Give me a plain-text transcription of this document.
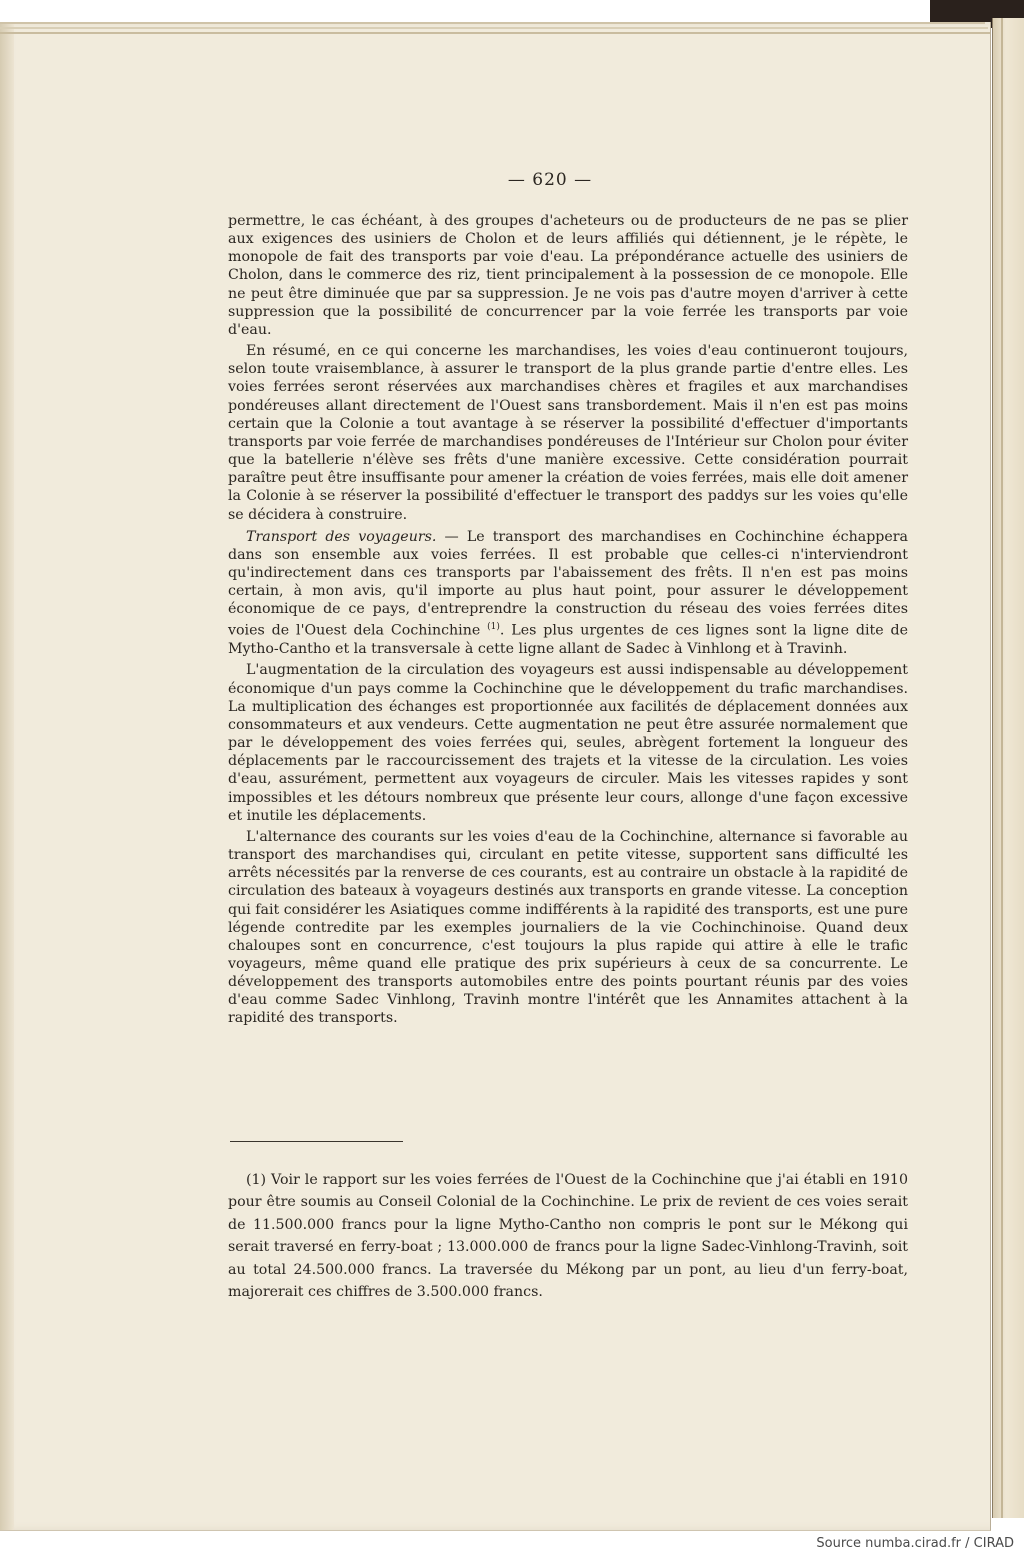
— 620 —

permettre, le cas échéant, à des groupes d'acheteurs ou de producteurs de ne pas se plier aux exigences des usiniers de Cholon et de leurs affiliés qui détiennent, je le répète, le monopole de fait des transports par voie d'eau. La prépondérance actuelle des usiniers de Cholon, dans le commerce des riz, tient principalement à la possession de ce monopole. Elle ne peut être diminuée que par sa suppression. Je ne vois pas d'autre moyen d'arriver à cette suppression que la possibilité de concurrencer par la voie ferrée les transports par voie d'eau.

En résumé, en ce qui concerne les marchandises, les voies d'eau continueront toujours, selon toute vraisemblance, à assurer le transport de la plus grande partie d'entre elles. Les voies ferrées seront réservées aux marchandises chères et fragiles et aux marchandises pondéreuses allant directement de l'Ouest sans transbordement. Mais il n'en est pas moins certain que la Colonie a tout avantage à se réserver la possibilité d'effectuer d'importants transports par voie ferrée de marchandises pondéreuses de l'Intérieur sur Cholon pour éviter que la batellerie n'élève ses frêts d'une manière excessive. Cette considération pourrait paraître peut être insuffisante pour amener la création de voies ferrées, mais elle doit amener la Colonie à se réserver la possibilité d'effectuer le transport des paddys sur les voies qu'elle se décidera à construire.

Transport des voyageurs. — Le transport des marchandises en Cochinchine échappera dans son ensemble aux voies ferrées. Il est probable que celles-ci n'interviendront qu'indirectement dans ces transports par l'abaissement des frêts. Il n'en est pas moins certain, à mon avis, qu'il importe au plus haut point, pour assurer le développement économique de ce pays, d'entreprendre la construction du réseau des voies ferrées dites voies de l'Ouest dela Cochinchine $^{(1)}$. Les plus urgentes de ces lignes sont la ligne dite de Mytho-Cantho et la transversale à cette ligne allant de Sadec à Vinhlong et à Travinh.

L'augmentation de la circulation des voyageurs est aussi indispensable au développement économique d'un pays comme la Cochinchine que le développement du trafic marchandises. La multiplication des échanges est proportionnée aux facilités de déplacement données aux consommateurs et aux vendeurs. Cette augmentation ne peut être assurée normalement que par le développement des voies ferrées qui, seules, abrègent fortement la longueur des déplacements par le raccourcissement des trajets et la vitesse de la circulation. Les voies d'eau, assurément, permettent aux voyageurs de circuler. Mais les vitesses rapides y sont impossibles et les détours nombreux que présente leur cours, allonge d'une façon excessive et inutile les déplacements.

L'alternance des courants sur les voies d'eau de la Cochinchine, alternance si favorable au transport des marchandises qui, circulant en petite vitesse, supportent sans difficulté les arrêts nécessités par la renverse de ces courants, est au contraire un obstacle à la rapidité de circulation des bateaux à voyageurs destinés aux transports en grande vitesse. La conception qui fait considérer les Asiatiques comme indifférents à la rapidité des transports, est une pure légende contredite par les exemples journaliers de la vie Cochinchinoise. Quand deux chaloupes sont en concurrence, c'est toujours la plus rapide qui attire à elle le trafic voyageurs, même quand elle pratique des prix supérieurs à ceux de sa concurrente. Le développement des transports automobiles entre des points pourtant réunis par des voies d'eau comme Sadec Vinhlong, Travinh montre l'intérêt que les Annamites attachent à la rapidité des transports.

(1) Voir le rapport sur les voies ferrées de l'Ouest de la Cochinchine que j'ai établi en 1910 pour être soumis au Conseil Colonial de la Cochinchine. Le prix de revient de ces voies serait de 11.500.000 francs pour la ligne Mytho-Cantho non compris le pont sur le Mékong qui serait traversé en ferry-boat ; 13.000.000 de francs pour la ligne Sadec-Vinhlong-Travinh, soit au total 24.500.000 francs. La traversée du Mékong par un pont, au lieu d'un ferry-boat, majorerait ces chiffres de 3.500.000 francs.
Source numba.cirad.fr / CIRAD
